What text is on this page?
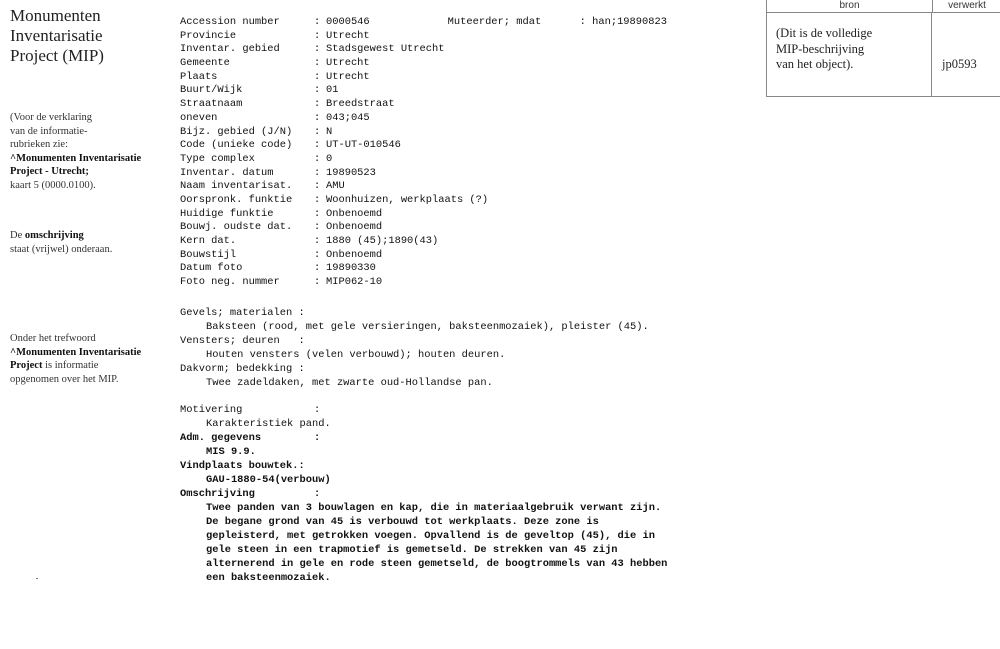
Monumenten
Inventarisatie
Project (MIP)
(Voor de verklaring
van de informatie-
rubrieken zie:
^Monumenten Inventarisatie
Project - Utrecht;
kaart 5 (0000.0100).
De omschrijving
staat (vrijwel) onderaan.
Onder het trefwoord
^Monumenten Inventarisatie
Project is informatie
opgenomen over het MIP.
Accession number	: 0000546	Muteerder; mdat	: han;19890823
Provincie	: Utrecht
Inventar. gebied	: Stadsgewest Utrecht
Gemeente	: Utrecht
Plaats	: Utrecht
Buurt/Wijk	: 01
Straatnaam	: Breedstraat
oneven	: 043;045
Bijz. gebied (J/N)	: N
Code (unieke code)	: UT-UT-010546
Type complex	: 0
Inventar. datum	: 19890523
Naam inventarisat.	: AMU
Oorspronk. funktie	: Woonhuizen, werkplaats (?)
Huidige funktie	: Onbenoemd
Bouwj. oudste dat.	: Onbenoemd
Kern dat.	: 1880 (45);1890(43)
Bouwstijl	: Onbenoemd
Datum foto	: 19890330
Foto neg. nummer	: MIP062-10
Gevels; materialen :
Baksteen (rood, met gele versieringen, baksteenmozaiek), pleister (45).
Vensters; deuren   :
Houten vensters (velen verbouwd); houten deuren.
Dakvorm; bedekking :
Twee zadeldaken, met zwarte oud-Hollandse pan.
Motivering	:
Karakteristiek pand.
Adm. gegevens	:
MIS 9.9.
Vindplaats bouwtek.:
GAU-1880-54(verbouw)
Omschrijving	:
Twee panden van 3 bouwlagen en kap, die in materiaalgebruik verwant zijn.
De begane grond van 45 is verbouwd tot werkplaats. Deze zone is
gepleisterd, met getrokken voegen. Opvallend is de geveltop (45), die in
gele steen in een trapmotief is gemetseld. De strekken van 45 zijn
alternerend in gele en rode steen gemetseld, de boogtrommels van 43 hebben
een baksteenmozaiek.
bron	verwerkt
(Dit is de volledige
MIP-beschrijving
van het object).	jp0593
